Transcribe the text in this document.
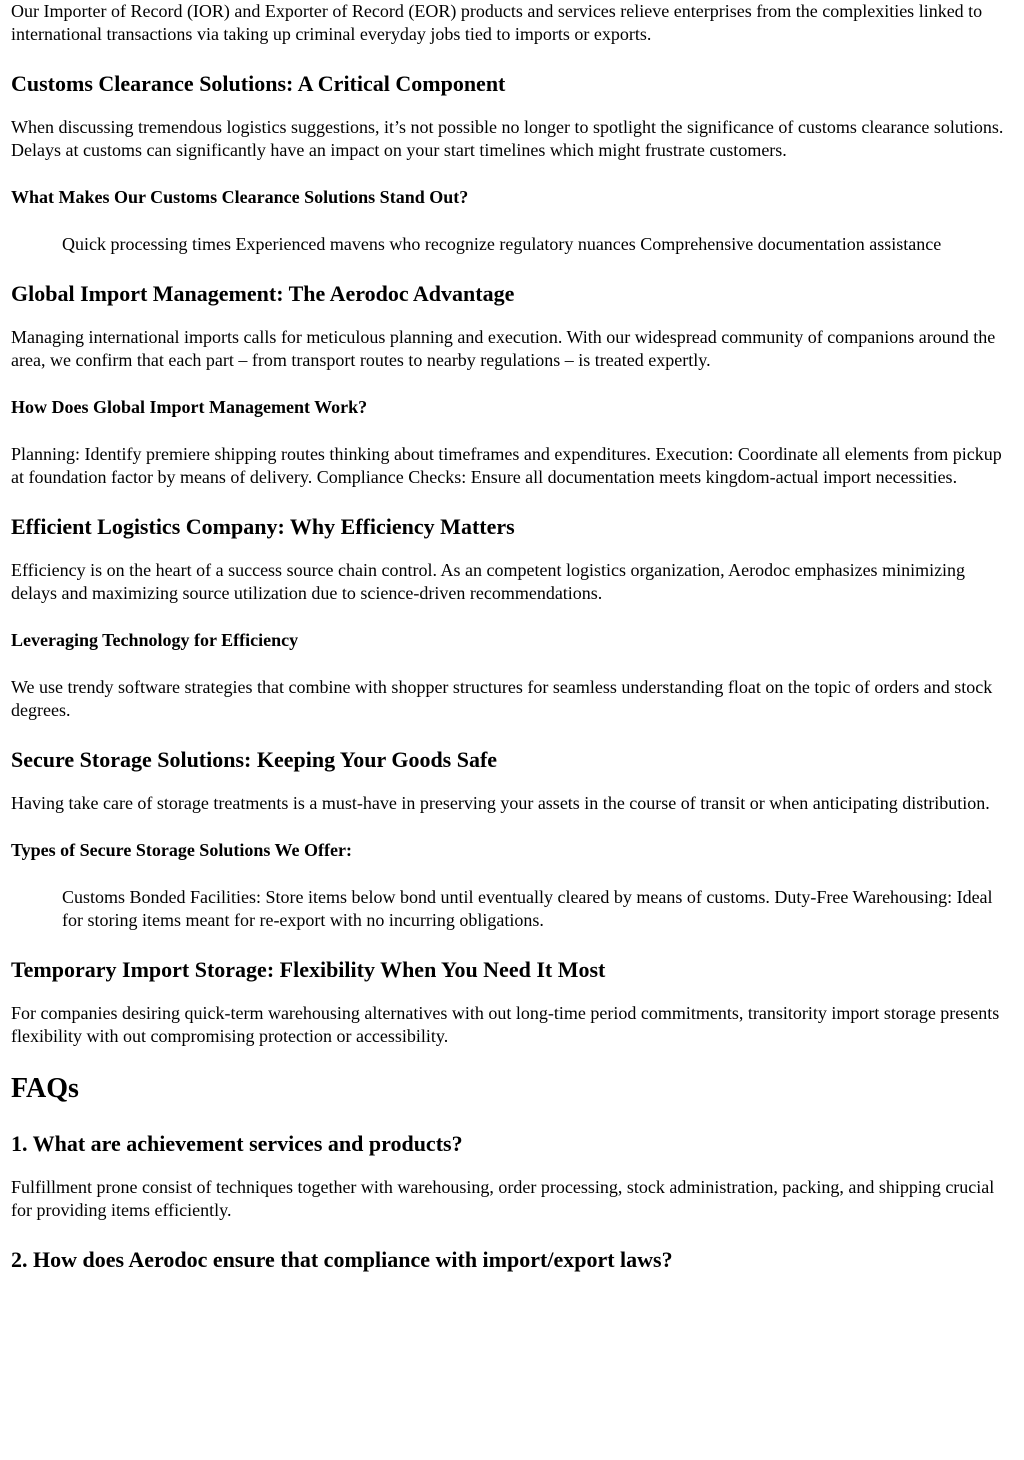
Our Importer of Record (IOR) and Exporter of Record (EOR) products and services relieve enterprises from the complexities linked to international transactions via taking up criminal everyday jobs tied to imports or exports.

Customs Clearance Solutions: A Critical Component

When discussing tremendous logistics suggestions, it’s not possible no longer to spotlight the significance of customs clearance solutions. Delays at customs can significantly have an impact on your start timelines which might frustrate customers.

What Makes Our Customs Clearance Solutions Stand Out?
Quick processing times Experienced mavens who recognize regulatory nuances Comprehensive documentation assistance
Global Import Management: The Aerodoc Advantage

Managing international imports calls for meticulous planning and execution. With our widespread community of companions around the area, we confirm that each part – from transport routes to nearby regulations – is treated expertly.

How Does Global Import Management Work?

Planning: Identify premiere shipping routes thinking about timeframes and expenditures. Execution: Coordinate all elements from pickup at foundation factor by means of delivery. Compliance Checks: Ensure all documentation meets kingdom-actual import necessities.

Efficient Logistics Company: Why Efficiency Matters

Efficiency is on the heart of a success source chain control. As an competent logistics organization, Aerodoc emphasizes minimizing delays and maximizing source utilization due to science-driven recommendations.

Leveraging Technology for Efficiency

We use trendy software strategies that combine with shopper structures for seamless understanding float on the topic of orders and stock degrees.

Secure Storage Solutions: Keeping Your Goods Safe

Having take care of storage treatments is a must-have in preserving your assets in the course of transit or when anticipating distribution.

Types of Secure Storage Solutions We Offer:
Customs Bonded Facilities: Store items below bond until eventually cleared by means of customs. Duty-Free Warehousing: Ideal for storing items meant for re-export with no incurring obligations.
Temporary Import Storage: Flexibility When You Need It Most

For companies desiring quick-term warehousing alternatives with out long-time period commitments, transitority import storage presents flexibility with out compromising protection or accessibility.

FAQs
1. What are achievement services and products?

Fulfillment prone consist of techniques together with warehousing, order processing, stock administration, packing, and shipping crucial for providing items efficiently.

2. How does Aerodoc ensure that compliance with import/export laws?
